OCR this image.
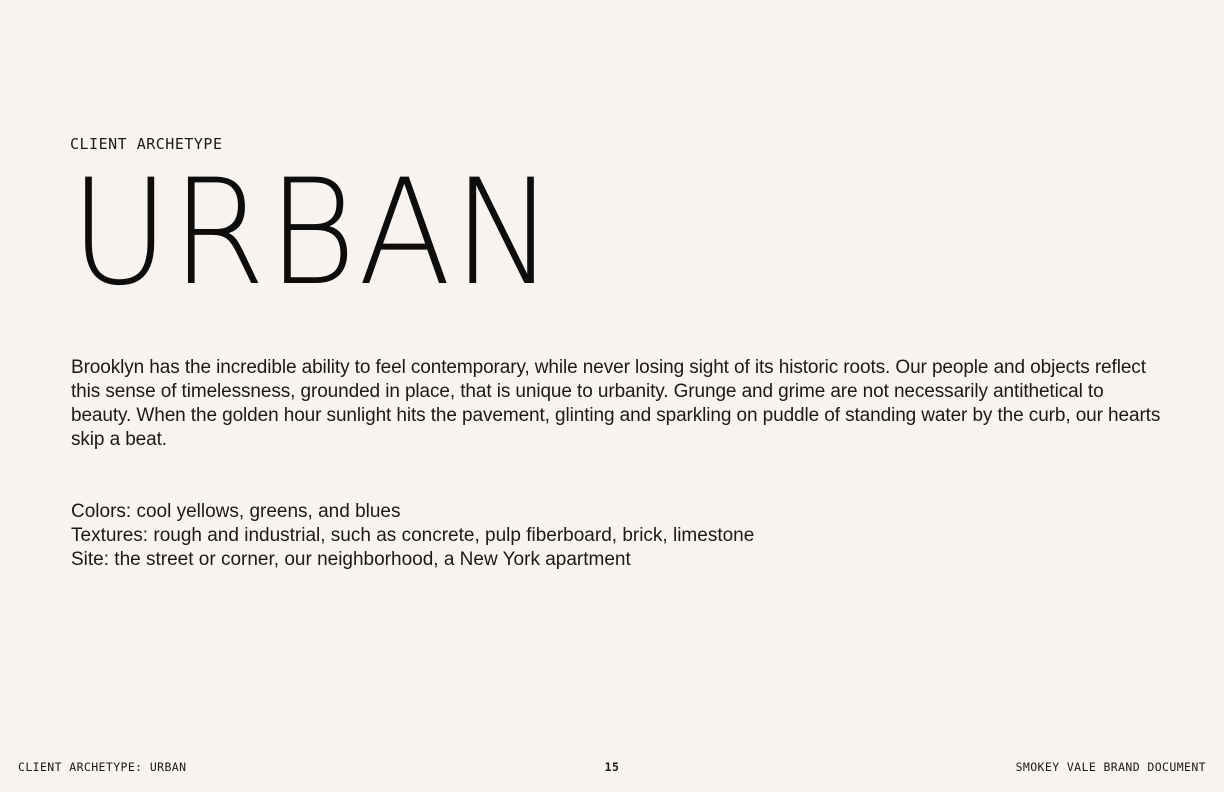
CLIENT ARCHETYPE
URBAN

Brooklyn has the incredible ability to feel contemporary, while never losing sight of its historic roots. Our people and objects reflect this sense of timelessness, grounded in place, that is unique to urbanity. Grunge and grime are not necessarily antithetical to beauty. When the golden hour sunlight hits the pavement, glinting and sparkling on puddle of standing water by the curb, our hearts skip a beat.

Colors: cool yellows, greens, and blues
Textures: rough and industrial, such as concrete, pulp fiberboard, brick, limestone
Site: the street or corner, our neighborhood, a New York apartment
CLIENT ARCHETYPE: URBAN	15	SMOKEY VALE BRAND DOCUMENT
